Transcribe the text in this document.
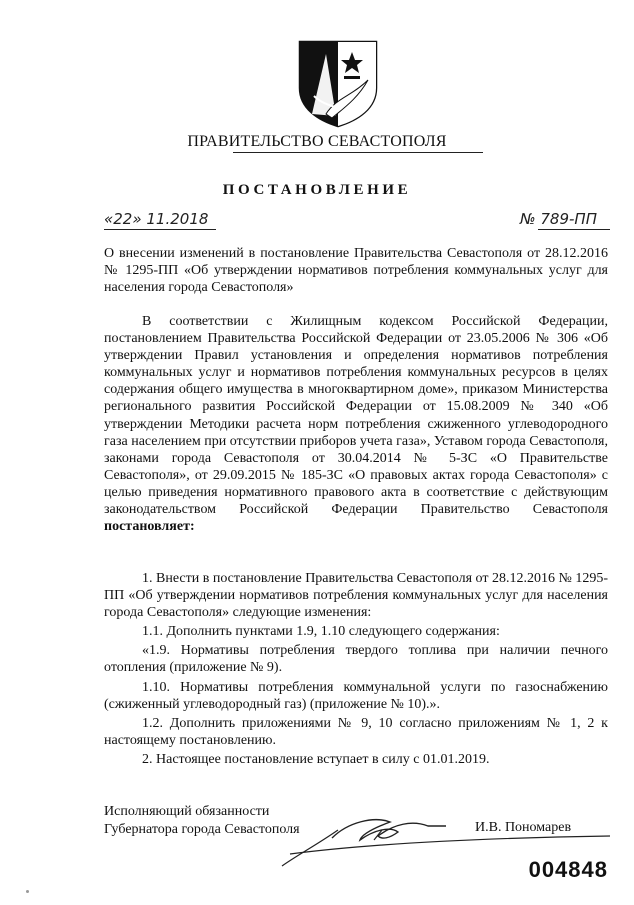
ПРАВИТЕЛЬСТВО СЕВАСТОПОЛЯ
ПОСТАНОВЛЕНИЕ
«22» 11.2018	№ 789-ПП

О внесении изменений в постановление Правительства Севастополя от 28.12.2016 № 1295-ПП «Об утверждении нормативов потребления коммунальных услуг для населения города Севастополя»

В соответствии с Жилищным кодексом Российской Федерации, постановлением Правительства Российской Федерации от 23.05.2006 № 306 «Об утверждении Правил установления и определения нормативов потребления коммунальных услуг и нормативов потребления коммунальных ресурсов в целях содержания общего имущества в многоквартирном доме», приказом Министерства регионального развития Российской Федерации от 15.08.2009 № 340 «Об утверждении Методики расчета норм потребления сжиженного углеводородного газа населением при отсутствии приборов учета газа», Уставом города Севастополя, законами города Севастополя от 30.04.2014 № 5-ЗС «О Правительстве Севастополя», от 29.09.2015 № 185-ЗС «О правовых актах города Севастополя» с целью приведения нормативного правового акта в соответствие с действующим законодательством Российской Федерации Правительство Севастополя постановляет:

1. Внести в постановление Правительства Севастополя от 28.12.2016 № 1295-ПП «Об утверждении нормативов потребления коммунальных услуг для населения города Севастополя» следующие изменения:

1.1. Дополнить пунктами 1.9, 1.10 следующего содержания:

«1.9. Нормативы потребления твердого топлива при наличии печного отопления (приложение № 9).

1.10. Нормативы потребления коммунальной услуги по газоснабжению (сжиженный углеводородный газ) (приложение № 10).».

1.2. Дополнить приложениями № 9, 10 согласно приложениям № 1, 2 к настоящему постановлению.

2. Настоящее постановление вступает в силу с 01.01.2019.

Исполняющий обязанности
Губернатора города Севастополя	И.В. Пономарев
004848
